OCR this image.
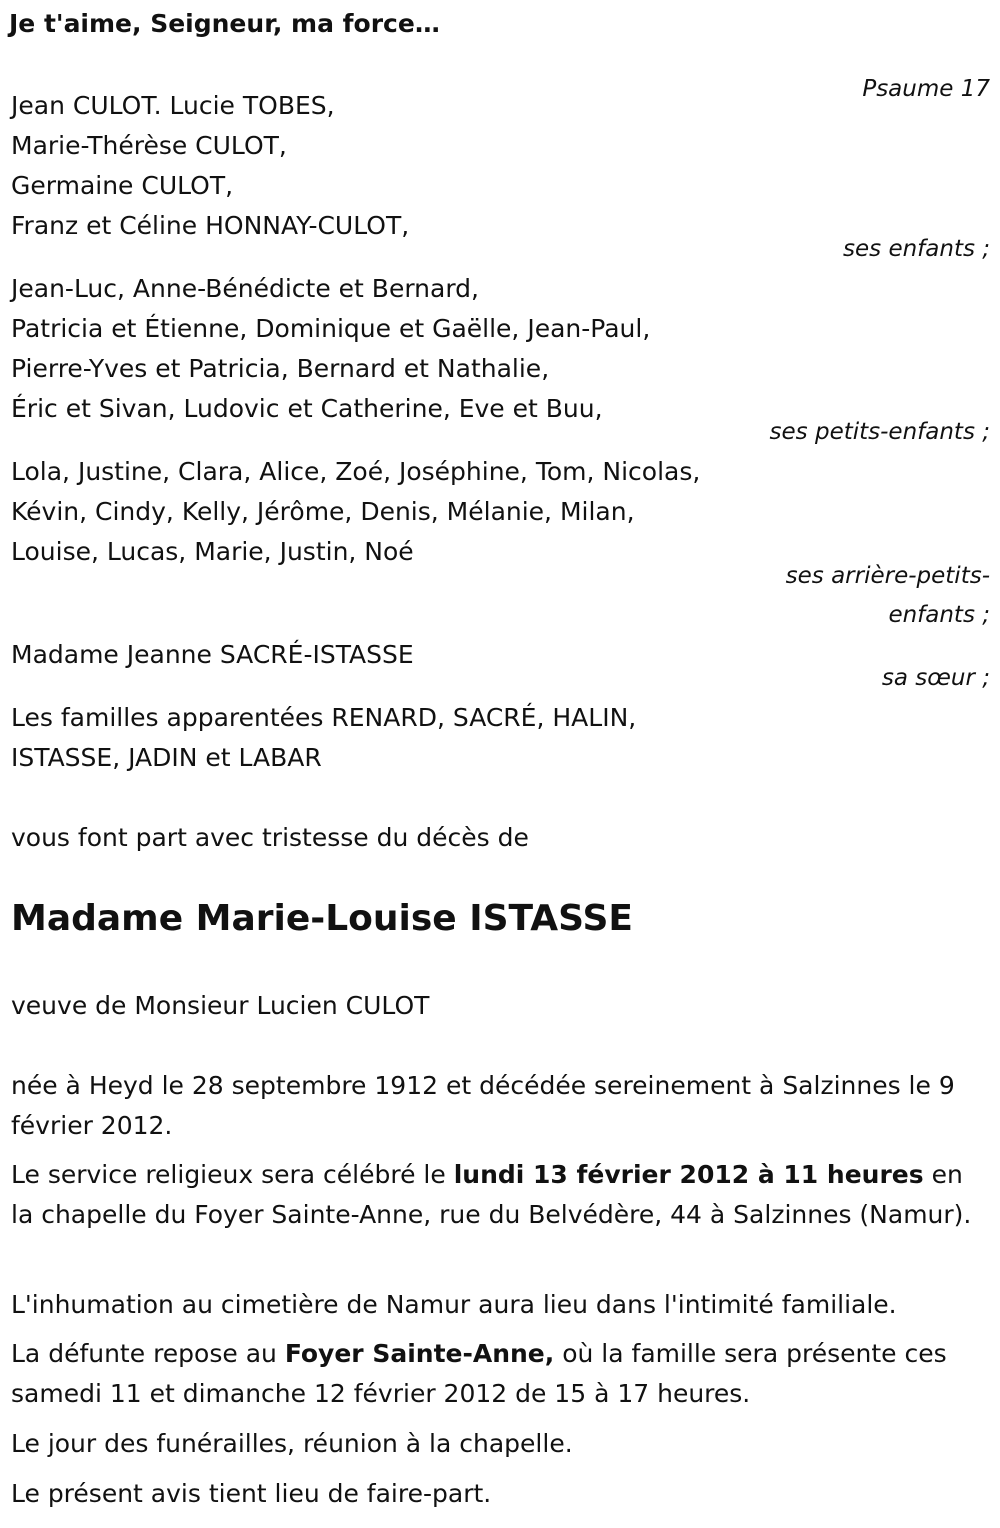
Je t'aime, Seigneur, ma force…
Psaume 17
Jean CULOT. Lucie TOBES,
Marie-Thérèse CULOT,
Germaine CULOT,
Franz et Céline HONNAY-CULOT,
ses enfants ;
Jean-Luc, Anne-Bénédicte et Bernard,
Patricia et Étienne, Dominique et Gaëlle, Jean-Paul,
Pierre-Yves et Patricia, Bernard et Nathalie,
Éric et Sivan, Ludovic et Catherine, Eve et Buu,
ses petits-enfants ;
Lola, Justine, Clara, Alice, Zoé, Joséphine, Tom, Nicolas,
Kévin, Cindy, Kelly, Jérôme, Denis, Mélanie, Milan,
Louise, Lucas, Marie, Justin, Noé
ses arrière-petits-
enfants ;
Madame Jeanne SACRÉ-ISTASSE
sa sœur ;
Les familles apparentées RENARD, SACRÉ, HALIN,
ISTASSE, JADIN et LABAR
vous font part avec tristesse du décès de
Madame Marie-Louise ISTASSE
veuve de Monsieur Lucien CULOT
née à Heyd le 28 septembre 1912 et décédée sereinement à Salzinnes le 9 février 2012.
Le service religieux sera célébré le lundi 13 février 2012 à 11 heures en la chapelle du Foyer Sainte-Anne, rue du Belvédère, 44 à Salzinnes (Namur).
L'inhumation au cimetière de Namur aura lieu dans l'intimité familiale.
La défunte repose au Foyer Sainte-Anne, où la famille sera présente ces samedi 11 et dimanche 12 février 2012 de 15 à 17 heures.
Le jour des funérailles, réunion à la chapelle.
Le présent avis tient lieu de faire-part.
